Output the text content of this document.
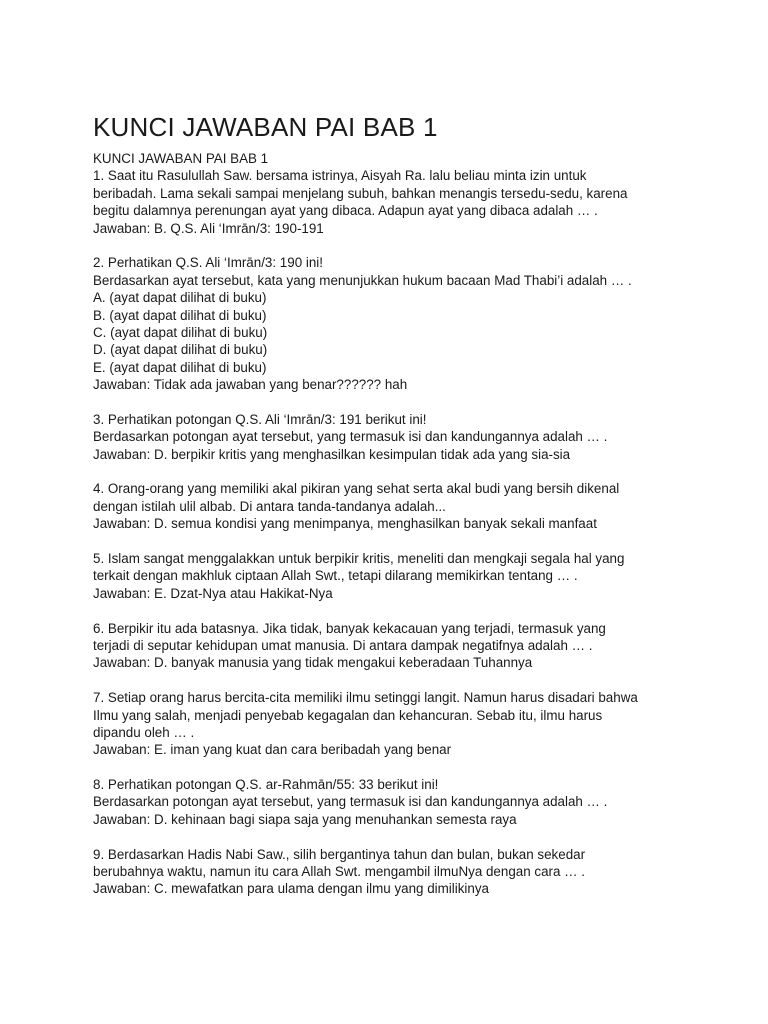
KUNCI JAWABAN PAI BAB 1
KUNCI JAWABAN PAI BAB 1
1. Saat itu Rasulullah Saw. bersama istrinya, Aisyah Ra. lalu beliau minta izin untuk
beribadah. Lama sekali sampai menjelang subuh, bahkan menangis tersedu-sedu, karena
begitu dalamnya perenungan ayat yang dibaca. Adapun ayat yang dibaca adalah … .
Jawaban: B. Q.S. Ali ‘Imrān/3: 190-191
2. Perhatikan Q.S. Ali ‘Imrān/3: 190 ini!
Berdasarkan ayat tersebut, kata yang menunjukkan hukum bacaan Mad Thabi’i adalah … .
A. (ayat dapat dilihat di buku)
B. (ayat dapat dilihat di buku)
C. (ayat dapat dilihat di buku)
D. (ayat dapat dilihat di buku)
E. (ayat dapat dilihat di buku)
Jawaban: Tidak ada jawaban yang benar?????? hah
3. Perhatikan potongan Q.S. Ali ‘Imrān/3: 191 berikut ini!
Berdasarkan potongan ayat tersebut, yang termasuk isi dan kandungannya adalah … .
Jawaban: D. berpikir kritis yang menghasilkan kesimpulan tidak ada yang sia-sia
4. Orang-orang yang memiliki akal pikiran yang sehat serta akal budi yang bersih dikenal
dengan istilah ulil albab. Di antara tanda-tandanya adalah...
Jawaban: D. semua kondisi yang menimpanya, menghasilkan banyak sekali manfaat
5. Islam sangat menggalakkan untuk berpikir kritis, meneliti dan mengkaji segala hal yang
terkait dengan makhluk ciptaan Allah Swt., tetapi dilarang memikirkan tentang … .
Jawaban: E. Dzat-Nya atau Hakikat-Nya
6. Berpikir itu ada batasnya. Jika tidak, banyak kekacauan yang terjadi, termasuk yang
terjadi di seputar kehidupan umat manusia. Di antara dampak negatifnya adalah … .
Jawaban: D. banyak manusia yang tidak mengakui keberadaan Tuhannya
7. Setiap orang harus bercita-cita memiliki ilmu setinggi langit. Namun harus disadari bahwa
Ilmu yang salah, menjadi penyebab kegagalan dan kehancuran. Sebab itu, ilmu harus
dipandu oleh … .
Jawaban: E. iman yang kuat dan cara beribadah yang benar
8. Perhatikan potongan Q.S. ar-Rahmān/55: 33 berikut ini!
Berdasarkan potongan ayat tersebut, yang termasuk isi dan kandungannya adalah … .
Jawaban: D. kehinaan bagi siapa saja yang menuhankan semesta raya
9. Berdasarkan Hadis Nabi Saw., silih bergantinya tahun dan bulan, bukan sekedar
berubahnya waktu, namun itu cara Allah Swt. mengambil ilmuNya dengan cara … .
Jawaban: C. mewafatkan para ulama dengan ilmu yang dimilikinya
